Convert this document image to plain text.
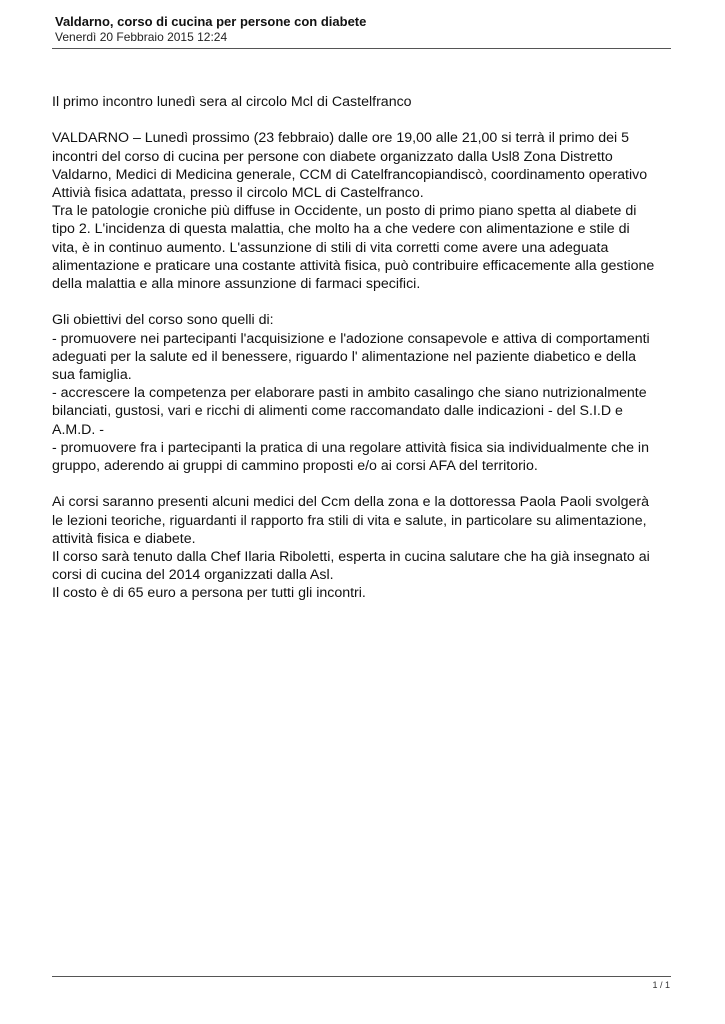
Valdarno, corso di cucina per persone con diabete
Venerdì 20 Febbraio 2015 12:24

Il primo incontro lunedì sera al circolo Mcl di Castelfranco

VALDARNO – Lunedì prossimo (23 febbraio) dalle ore 19,00 alle 21,00 si terrà il primo dei 5

incontri del corso di cucina per persone con diabete organizzato dalla Usl8 Zona Distretto

Valdarno, Medici di Medicina generale, CCM di Catelfrancopiandiscò, coordinamento operativo

Attivià fisica adattata, presso il circolo MCL di Castelfranco.

Tra le patologie croniche più diffuse in Occidente, un posto di primo piano spetta al diabete di

tipo 2. L'incidenza di questa malattia, che molto ha a che vedere con alimentazione e stile di

vita, è in continuo aumento. L'assunzione di stili di vita corretti come avere una adeguata

alimentazione e praticare una costante attività fisica, può contribuire efficacemente alla gestione

della malattia e alla minore assunzione di farmaci specifici.

Gli obiettivi del corso sono quelli di:

- promuovere nei partecipanti l'acquisizione e l'adozione consapevole e attiva di comportamenti

adeguati per la salute ed il benessere, riguardo l' alimentazione nel paziente diabetico e della

sua famiglia.

- accrescere la competenza per elaborare pasti in ambito casalingo che siano nutrizionalmente

bilanciati, gustosi, vari e ricchi di alimenti come raccomandato dalle indicazioni - del S.I.D e

A.M.D. -

- promuovere fra i partecipanti la pratica di una regolare attività fisica sia individualmente che in

gruppo, aderendo ai gruppi di cammino proposti e/o ai corsi AFA del territorio.

Ai corsi saranno presenti alcuni medici del Ccm della zona e la dottoressa Paola Paoli svolgerà

le lezioni teoriche, riguardanti il rapporto fra stili di vita e salute, in particolare su alimentazione,

attività fisica e diabete.

Il corso sarà tenuto dalla Chef Ilaria Riboletti, esperta in cucina salutare che ha già insegnato ai

corsi di cucina del 2014 organizzati dalla Asl.

Il costo è di 65 euro a persona per tutti gli incontri.

1 / 1
